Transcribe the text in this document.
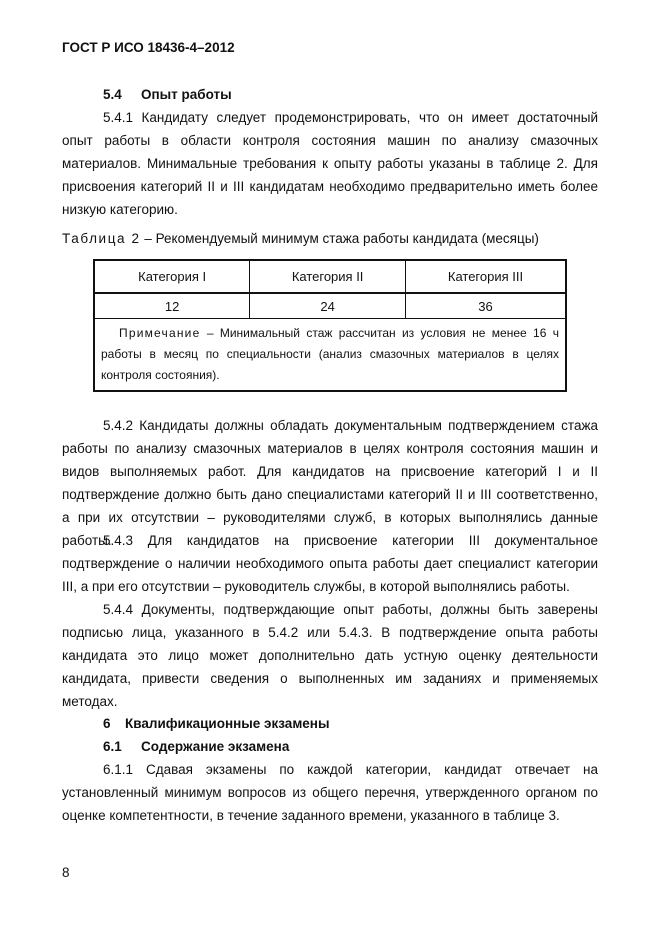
ГОСТ Р ИСО 18436-4–2012
5.4 Опыт работы

5.4.1 Кандидату следует продемонстрировать, что он имеет достаточный опыт работы в области контроля состояния машин по анализу смазочных материалов. Минимальные требования к опыту работы указаны в таблице 2. Для присвоения категорий II и III кандидатам необходимо предварительно иметь более низкую категорию.

Таблица 2 – Рекомендуемый минимум стажа работы кандидата (месяцы)
Категория I	Категория II	Категория III
12	24	36
Примечание – Минимальный стаж рассчитан из условия не менее 16 ч работы в месяц по специальности (анализ смазочных материалов в целях контроля состояния).		

5.4.2 Кандидаты должны обладать документальным подтверждением стажа работы по анализу смазочных материалов в целях контроля состояния машин и видов выполняемых работ. Для кандидатов на присвоение категорий I и II подтверждение должно быть дано специалистами категорий II и III соответственно, а при их отсутствии – руководителями служб, в которых выполнялись данные работы.

5.4.3 Для кандидатов на присвоение категории III документальное подтверждение о наличии необходимого опыта работы дает специалист категории III, а при его отсутствии – руководитель службы, в которой выполнялись работы.

5.4.4 Документы, подтверждающие опыт работы, должны быть заверены подписью лица, указанного в 5.4.2 или 5.4.3. В подтверждение опыта работы кандидата это лицо может дополнительно дать устную оценку деятельности кандидата, привести сведения о выполненных им заданиях и применяемых методах.

6 Квалификационные экзамены
6.1 Содержание экзамена

6.1.1 Сдавая экзамены по каждой категории, кандидат отвечает на установленный минимум вопросов из общего перечня, утвержденного органом по оценке компетентности, в течение заданного времени, указанного в таблице 3.

8
